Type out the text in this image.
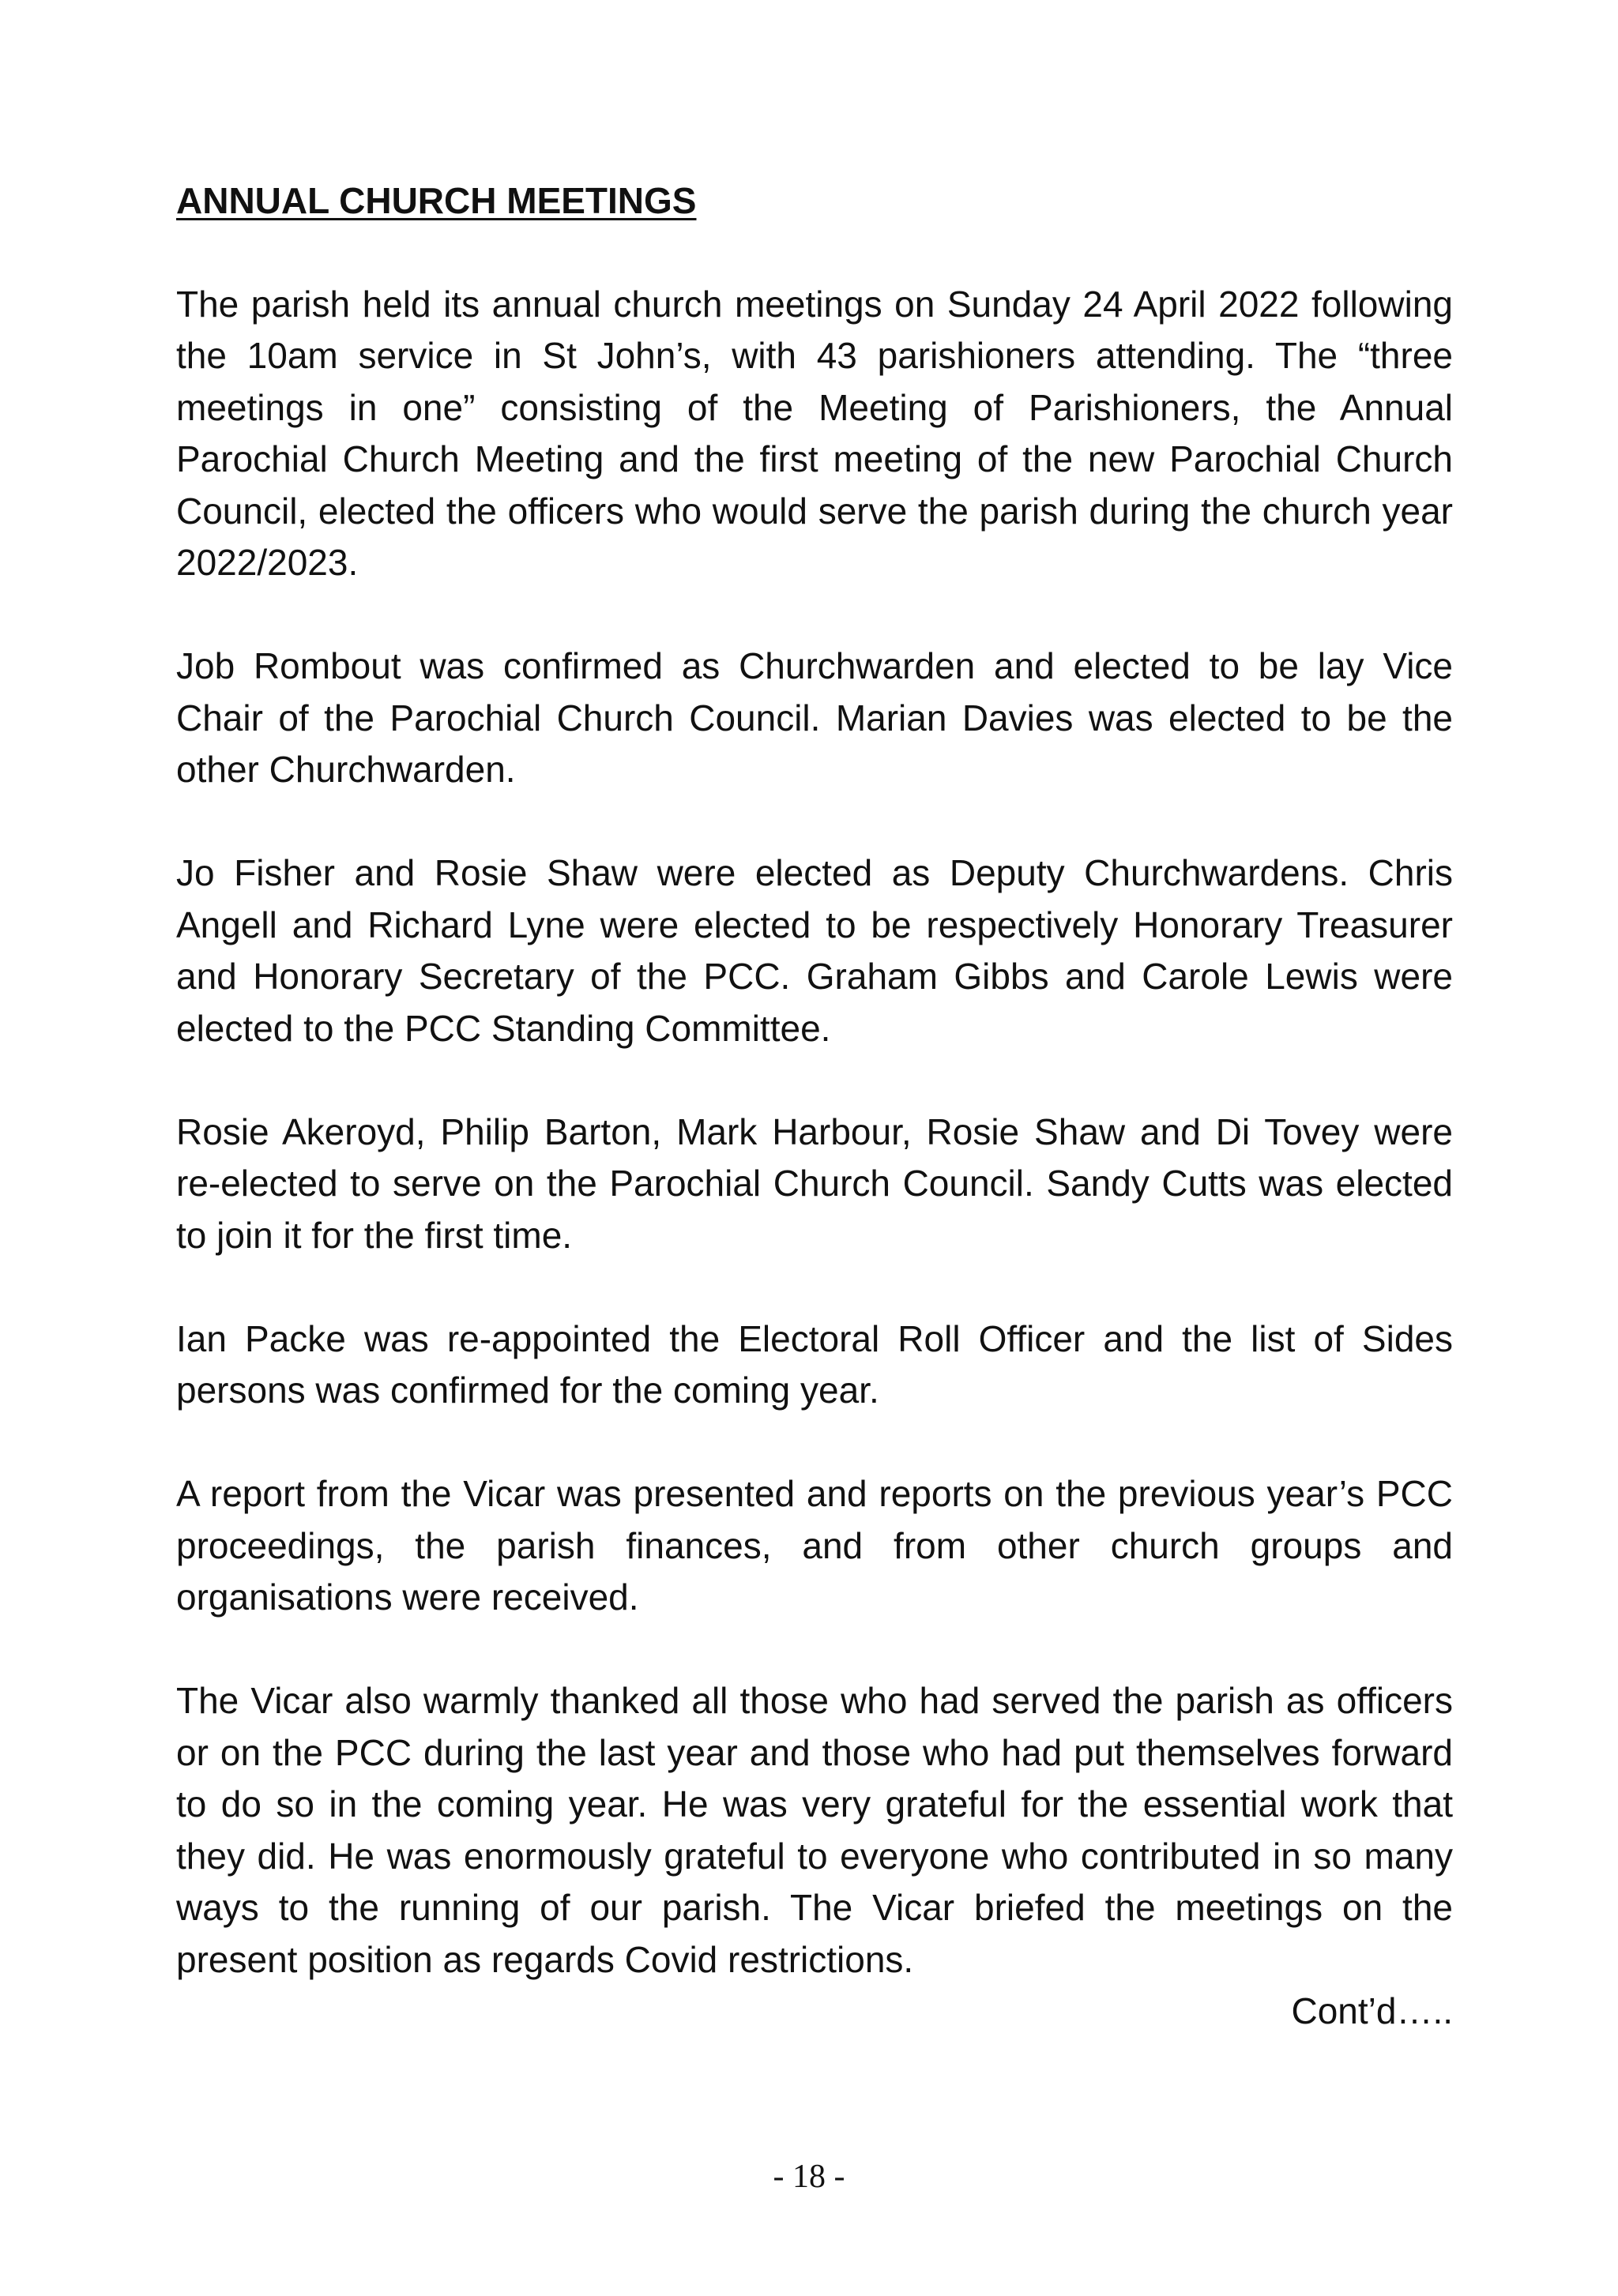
ANNUAL CHURCH MEETINGS

The parish held its annual church meetings on Sunday 24 April 2022 following the 10am service in St John’s, with 43 parishioners attending. The “three meetings in one” consisting of the Meeting of Parishioners, the Annual Parochial Church Meeting and the first meeting of the new Parochial Church Council, elected the officers who would serve the parish during the church year 2022/2023.

Job Rombout was confirmed as Churchwarden and elected to be lay Vice Chair of the Parochial Church Council. Marian Davies was elected to be the other Churchwarden.

Jo Fisher and Rosie Shaw were elected as Deputy Churchwardens. Chris Angell and Richard Lyne were elected to be respectively Honorary Treasurer and Honorary Secretary of the PCC. Graham Gibbs and Carole Lewis were elected to the PCC Standing Committee.

Rosie Akeroyd, Philip Barton, Mark Harbour, Rosie Shaw and Di Tovey were re-elected to serve on the Parochial Church Council. Sandy Cutts was elected to join it for the first time.

Ian Packe was re-appointed the Electoral Roll Officer and the list of Sides persons was confirmed for the coming year.

A report from the Vicar was presented and reports on the previous year’s PCC proceedings, the parish finances, and from other church groups and organisations were received.

The Vicar also warmly thanked all those who had served the parish as officers or on the PCC during the last year and those who had put themselves forward to do so in the coming year. He was very grateful for the essential work that they did. He was enormously grateful to everyone who contributed in so many ways to the running of our parish. The Vicar briefed the meetings on the present position as regards Covid restrictions.

Cont’d…..

- 18 -
